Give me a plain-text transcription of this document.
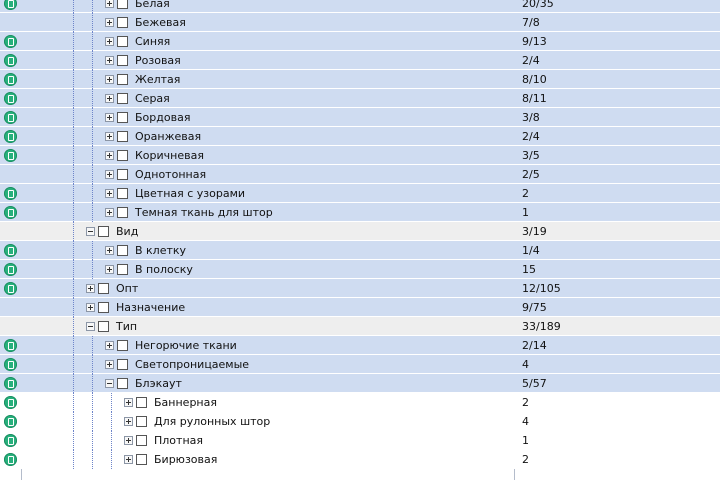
Белая	20/35
Бежевая	7/8
Синяя	9/13
Розовая	2/4
Желтая	8/10
Серая	8/11
Бордовая	3/8
Оранжевая	2/4
Коричневая	3/5
Однотонная	2/5
Цветная с узорами	2
Темная ткань для штор	1
Вид	3/19
В клетку	1/4
В полоску	15
Опт	12/105
Назначение	9/75
Тип	33/189
Негорючие ткани	2/14
Светопроницаемые	4
Блэкаут	5/57
Баннерная	2
Для рулонных штор	4
Плотная	1
Бирюзовая	2
